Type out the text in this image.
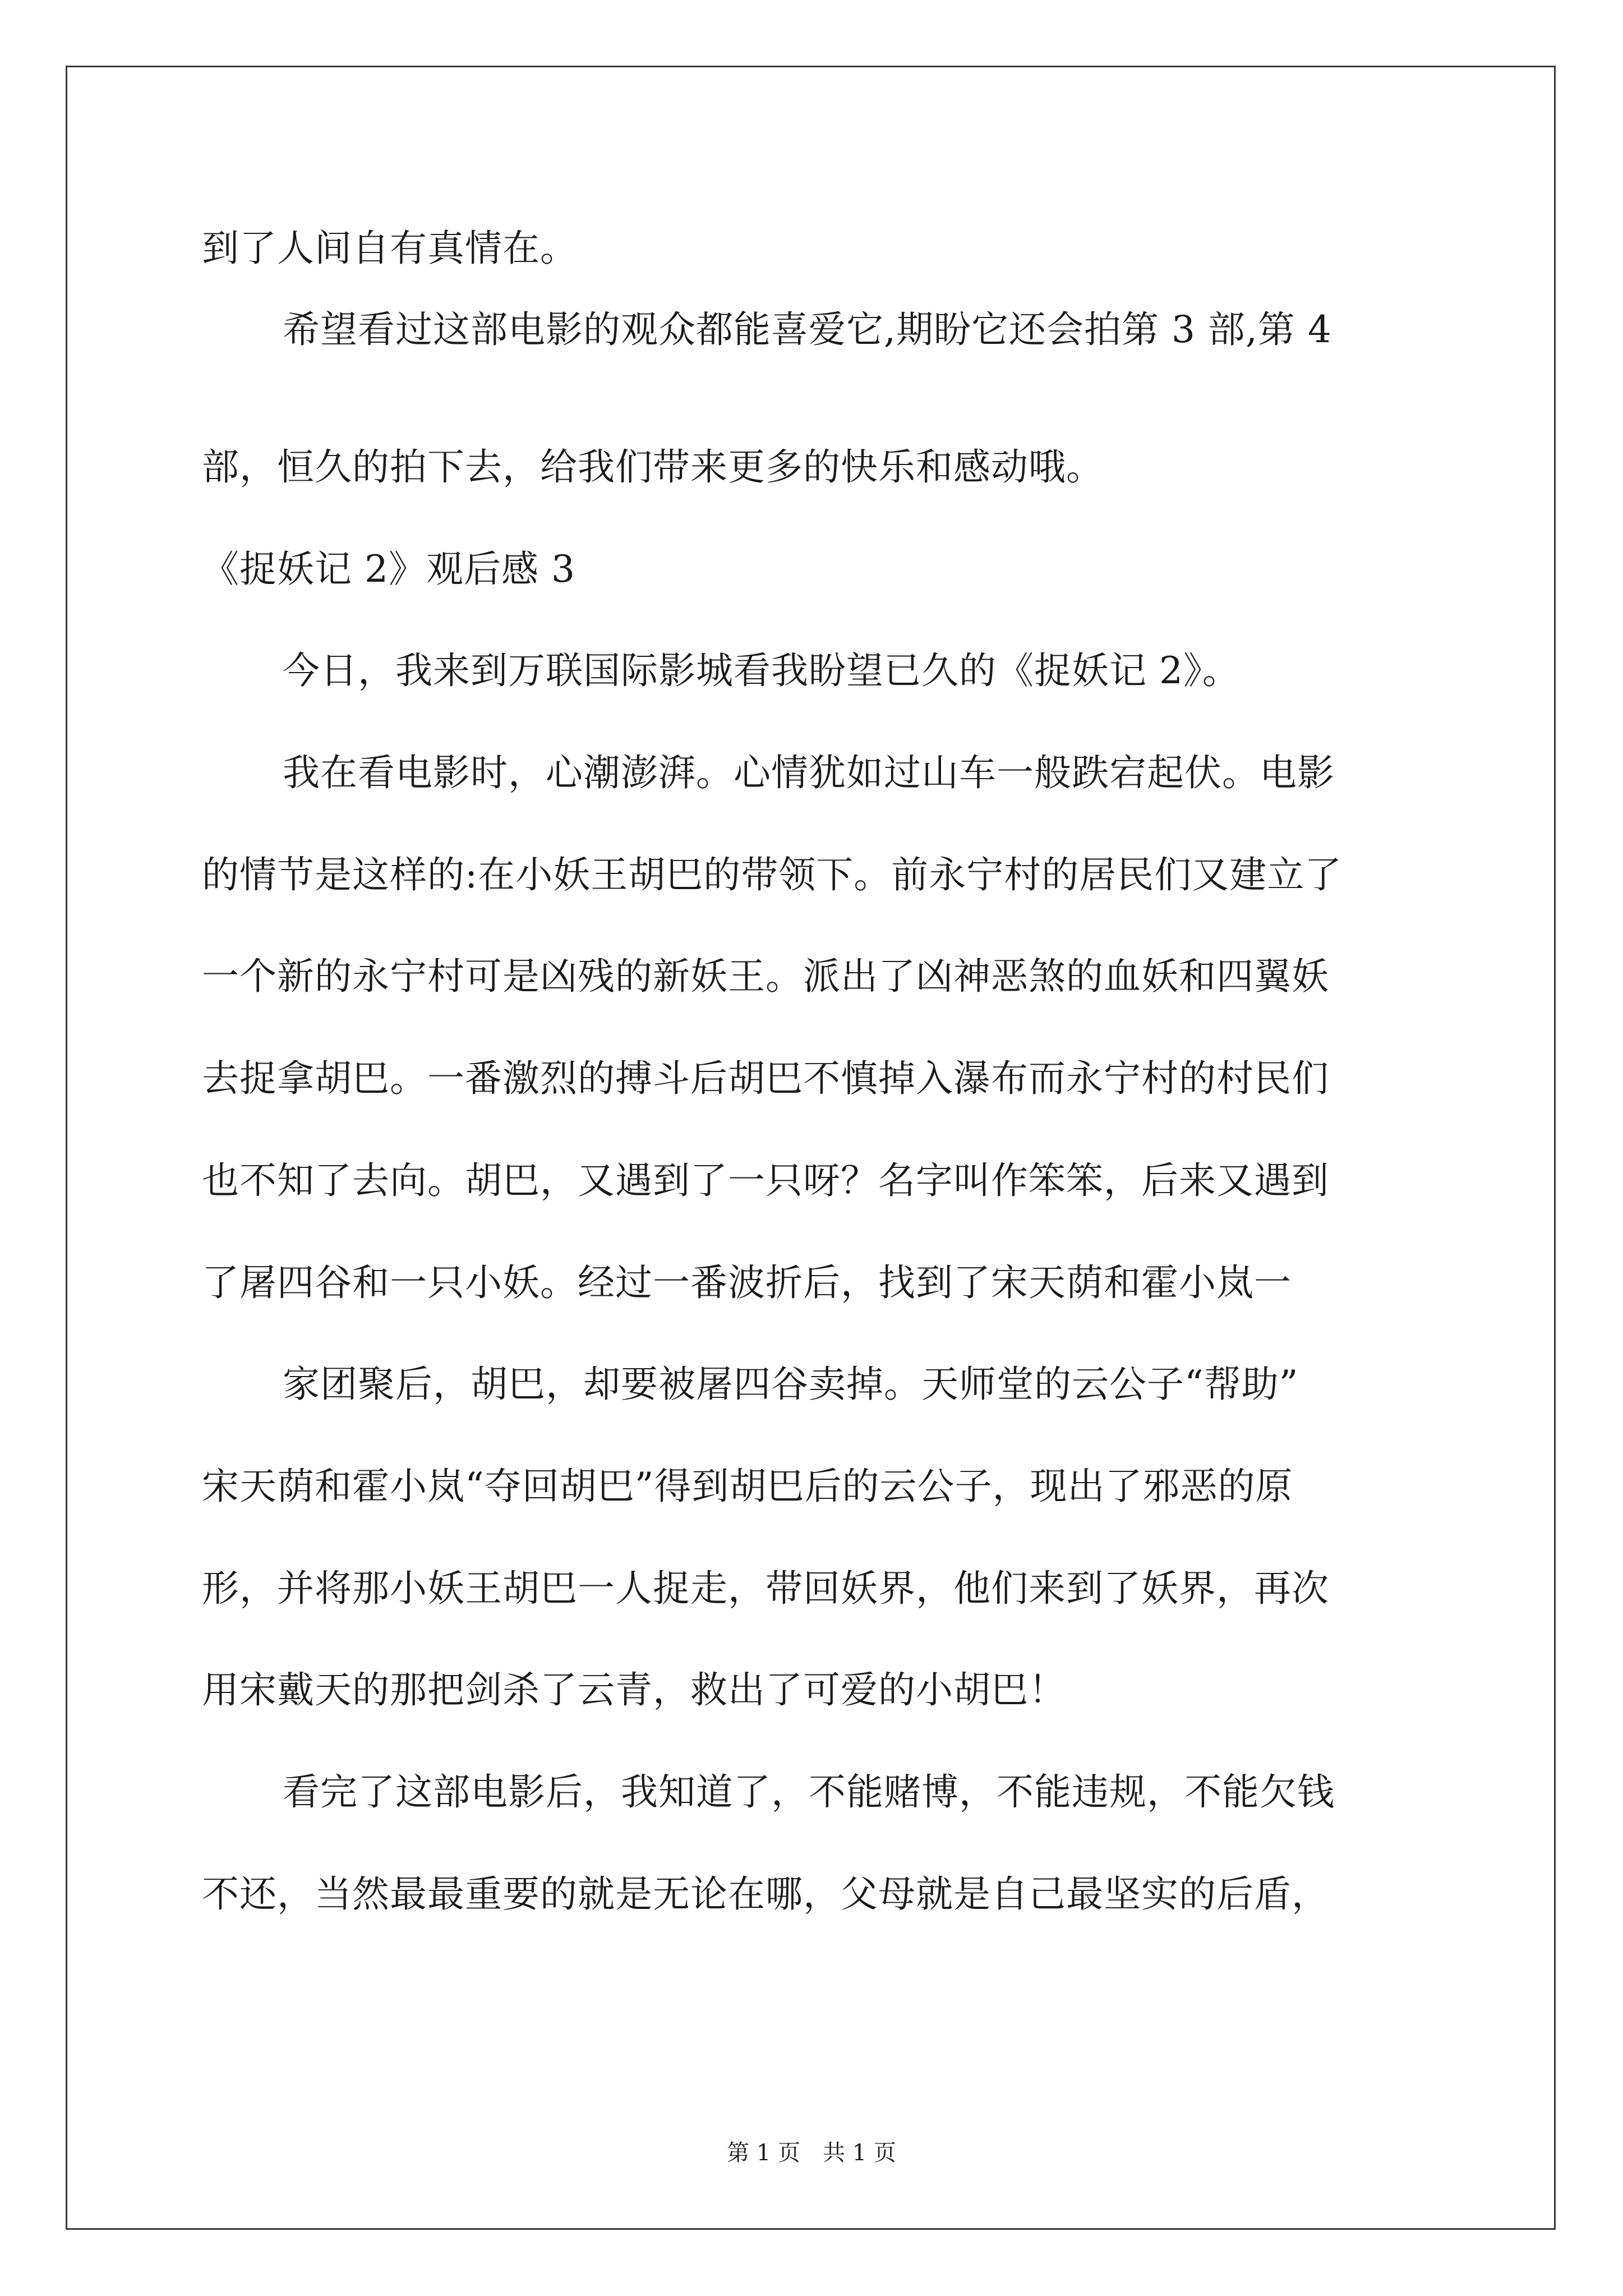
到了人间自有真情在。
希望看过这部电影的观众都能喜爱它,期盼它还会拍第 3 部,第 4
部，恒久的拍下去，给我们带来更多的快乐和感动哦。
《捉妖记 2》观后感 3
今日，我来到万联国际影城看我盼望已久的《捉妖记 2》。
我在看电影时，心潮澎湃。心情犹如过山车一般跌宕起伏。电影
的情节是这样的:在小妖王胡巴的带领下。前永宁村的居民们又建立了
一个新的永宁村可是凶残的新妖王。派出了凶神恶煞的血妖和四翼妖
去捉拿胡巴。一番激烈的搏斗后胡巴不慎掉入瀑布而永宁村的村民们
也不知了去向。胡巴，又遇到了一只呀？名字叫作笨笨，后来又遇到
了屠四谷和一只小妖。经过一番波折后，找到了宋天荫和霍小岚一
家团聚后，胡巴，却要被屠四谷卖掉。天师堂的云公子“帮助”
宋天荫和霍小岚“夺回胡巴”得到胡巴后的云公子，现出了邪恶的原
形，并将那小妖王胡巴一人捉走，带回妖界，他们来到了妖界，再次
用宋戴天的那把剑杀了云青，救出了可爱的小胡巴！
看完了这部电影后，我知道了，不能赌博，不能违规，不能欠钱
不还，当然最最重要的就是无论在哪，父母就是自己最坚实的后盾，
第 1 页　共 1 页
